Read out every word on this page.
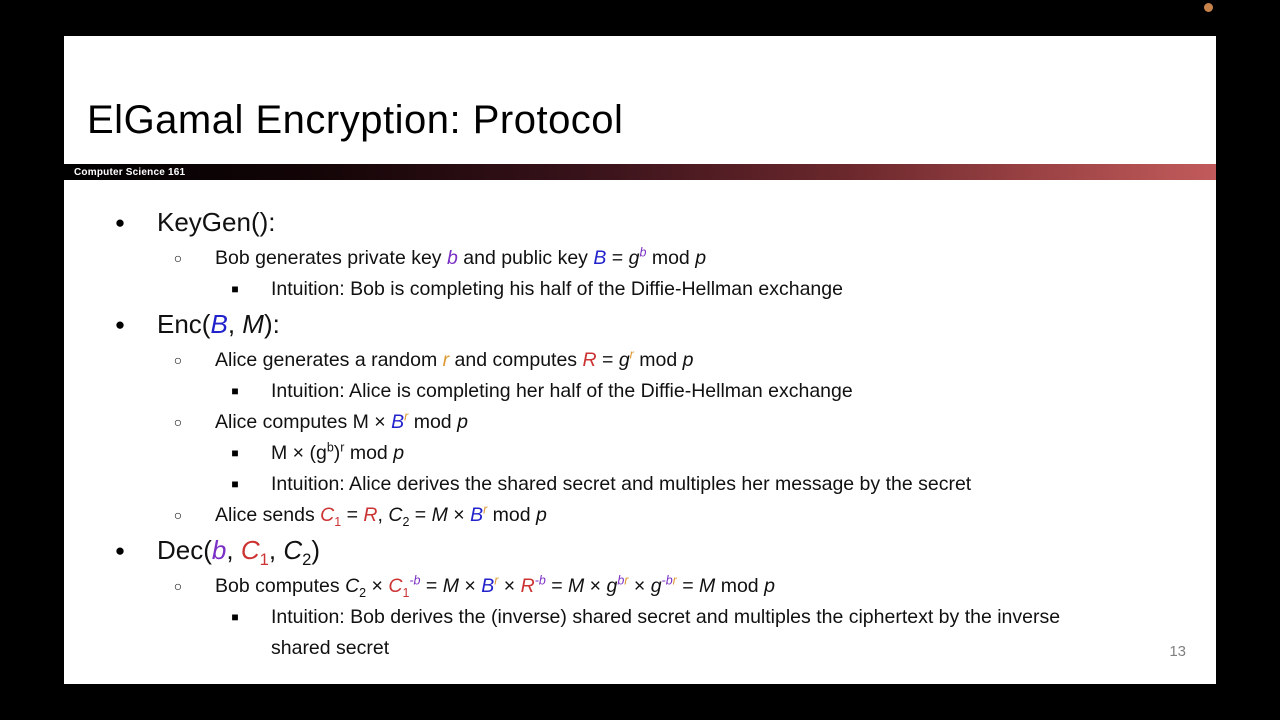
ElGamal Encryption: Protocol
Computer Science 161
● KeyGen():
○ Bob generates private key b and public key $B = g^b$ mod p
■ Intuition: Bob is completing his half of the Diffie-Hellman exchange
● Enc(B, M):
○ Alice generates a random r and computes $R = g^r$ mod p
■ Intuition: Alice is completing her half of the Diffie-Hellman exchange
○ Alice computes $M \times B^r$ mod p
■ $M \times (g^b)^r$ mod p
■ Intuition: Alice derives the shared secret and multiples her message by the secret
○ Alice sends $C_1 = R$, $C_2 = M \times B^r$ mod p
● Dec(b, $C_1$, $C_2$)
○ Bob computes $C_2 \times C_1^{-b} = M \times B^r \times R^{-b} = M \times g^{br} \times g^{-br} = M$ mod p
■ Intuition: Bob derives the (inverse) shared secret and multiples the ciphertext by the inverse shared secret	13
